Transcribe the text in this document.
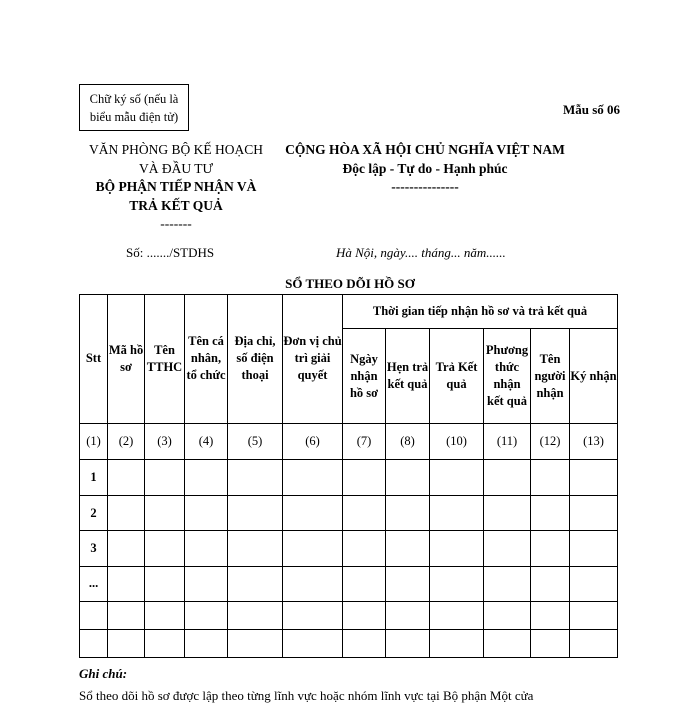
Chữ ký số (nếu là
biểu mẫu điện tử)	Mẫu số 06
VĂN PHÒNG BỘ KẾ HOẠCH
VÀ ĐẦU TƯ
BỘ PHẬN TIẾP NHẬN VÀ
TRẢ KẾT QUẢ
-------
CỘNG HÒA XÃ HỘI CHỦ NGHĨA VIỆT NAM
Độc lập - Tự do - Hạnh phúc
---------------
Số: ......./STDHS	Hà Nội, ngày.... tháng... năm......
SỔ THEO DÕI HỒ SƠ
Stt	Mã hồ sơ	Tên TTHC	Tên cá nhân, tổ chức	Địa chỉ, số điện thoại	Đơn vị chủ trì giải quyết	Thời gian tiếp nhận hồ sơ và trả kết quả					
						Ngày nhận hồ sơ	Hẹn trả kết quả	Trả Kết quả	Phương thức nhận kết quả	Tên người nhận	Ký nhận
(1)	(2)	(3)	(4)	(5)	(6)	(7)	(8)	(10)	(11)	(12)	(13)
1											
2											
3											
...											

Ghi chú:
Sổ theo dõi hồ sơ được lập theo từng lĩnh vực hoặc nhóm lĩnh vực tại Bộ phận Một cửa
